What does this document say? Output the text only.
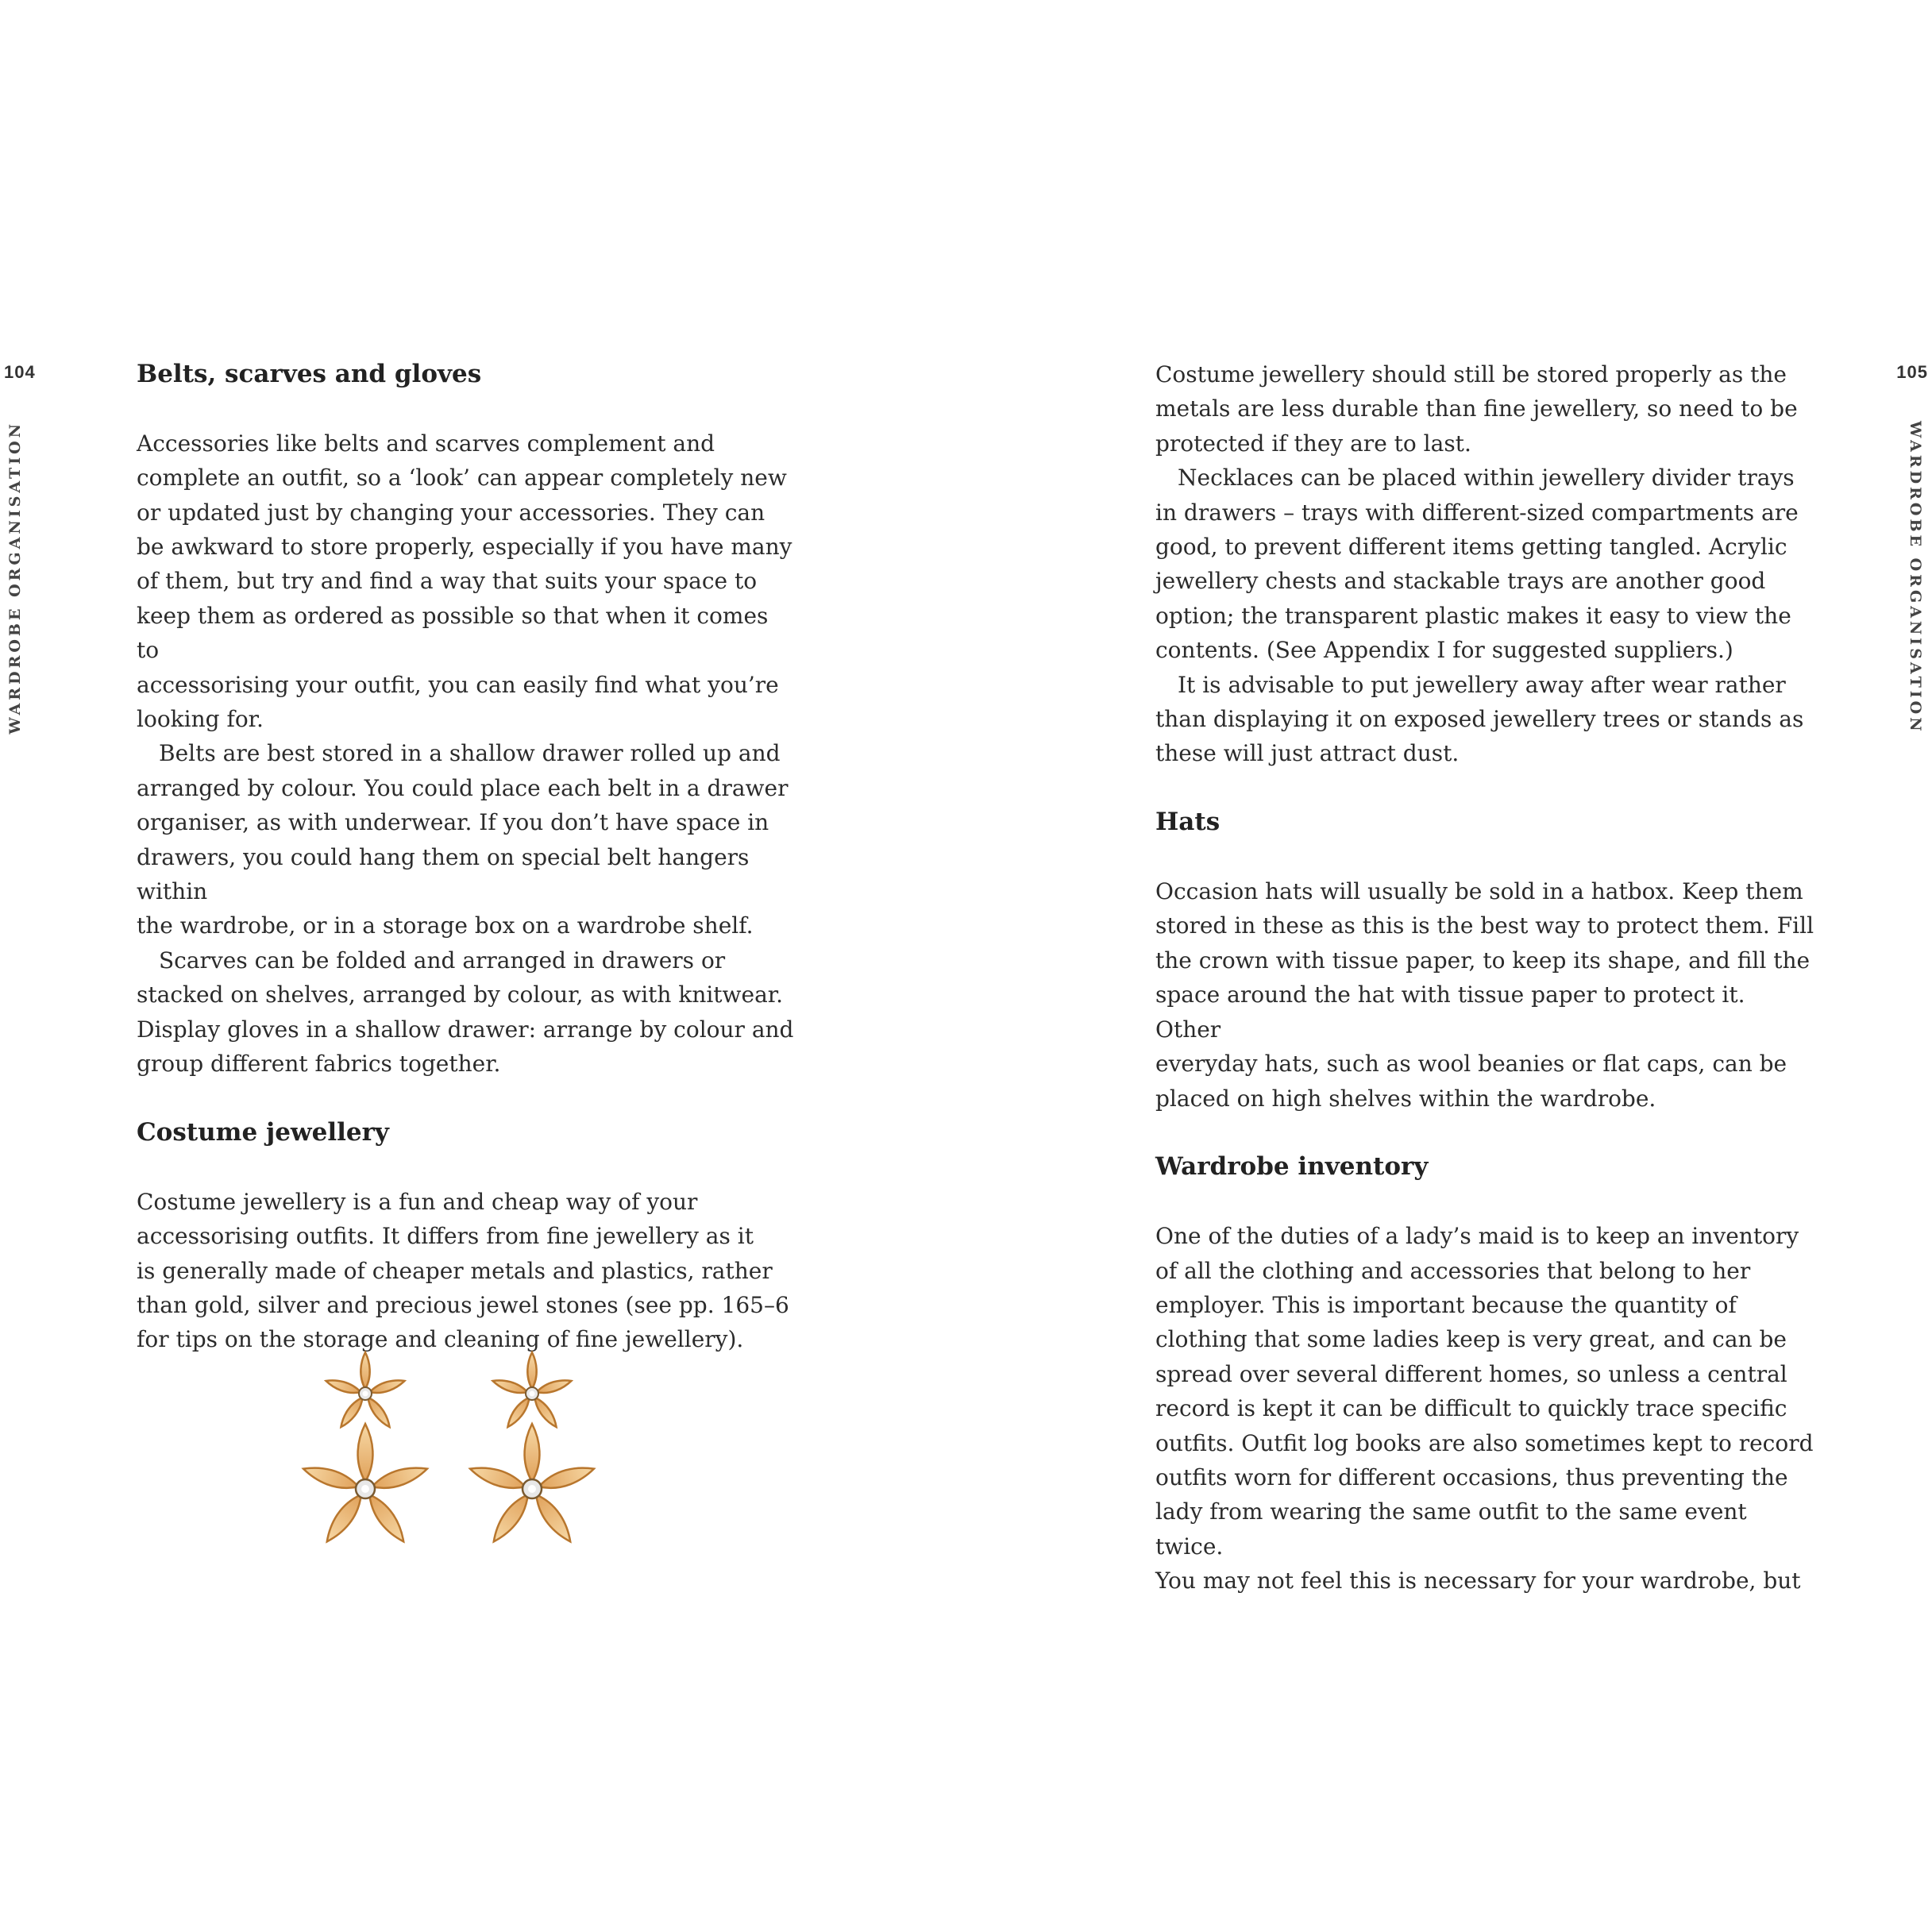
104
WARDROBE ORGANISATION
Belts, scarves and gloves

Accessories like belts and scarves complement and
complete an outfit, so a ‘look’ can appear completely new
or updated just by changing your accessories. They can
be awkward to store properly, especially if you have many
of them, but try and find a way that suits your space to
keep them as ordered as possible so that when it comes to
accessorising your outfit, you can easily find what you’re
looking for.

Belts are best stored in a shallow drawer rolled up and
arranged by colour. You could place each belt in a drawer
organiser, as with underwear. If you don’t have space in
drawers, you could hang them on special belt hangers within
the wardrobe, or in a storage box on a wardrobe shelf.

Scarves can be folded and arranged in drawers or
stacked on shelves, arranged by colour, as with knitwear.
Display gloves in a shallow drawer: arrange by colour and
group different fabrics together.

Costume jewellery

Costume jewellery is a fun and cheap way of your
accessorising outfits. It differs from fine jewellery as it
is generally made of cheaper metals and plastics, rather
than gold, silver and precious jewel stones (see pp. 165–6
for tips on the storage and cleaning of fine jewellery).

105
WARDROBE ORGANISATION

Costume jewellery should still be stored properly as the
metals are less durable than fine jewellery, so need to be
protected if they are to last.

Necklaces can be placed within jewellery divider trays
in drawers – trays with different-sized compartments are
good, to prevent different items getting tangled. Acrylic
jewellery chests and stackable trays are another good
option; the transparent plastic makes it easy to view the
contents. (See Appendix I for suggested suppliers.)

It is advisable to put jewellery away after wear rather
than displaying it on exposed jewellery trees or stands as
these will just attract dust.

Hats

Occasion hats will usually be sold in a hatbox. Keep them
stored in these as this is the best way to protect them. Fill
the crown with tissue paper, to keep its shape, and fill the
space around the hat with tissue paper to protect it. Other
everyday hats, such as wool beanies or flat caps, can be
placed on high shelves within the wardrobe.

Wardrobe inventory

One of the duties of a lady’s maid is to keep an inventory
of all the clothing and accessories that belong to her
employer. This is important because the quantity of
clothing that some ladies keep is very great, and can be
spread over several different homes, so unless a central
record is kept it can be difficult to quickly trace specific
outfits. Outfit log books are also sometimes kept to record
outfits worn for different occasions, thus preventing the
lady from wearing the same outfit to the same event twice.
You may not feel this is necessary for your wardrobe, but
